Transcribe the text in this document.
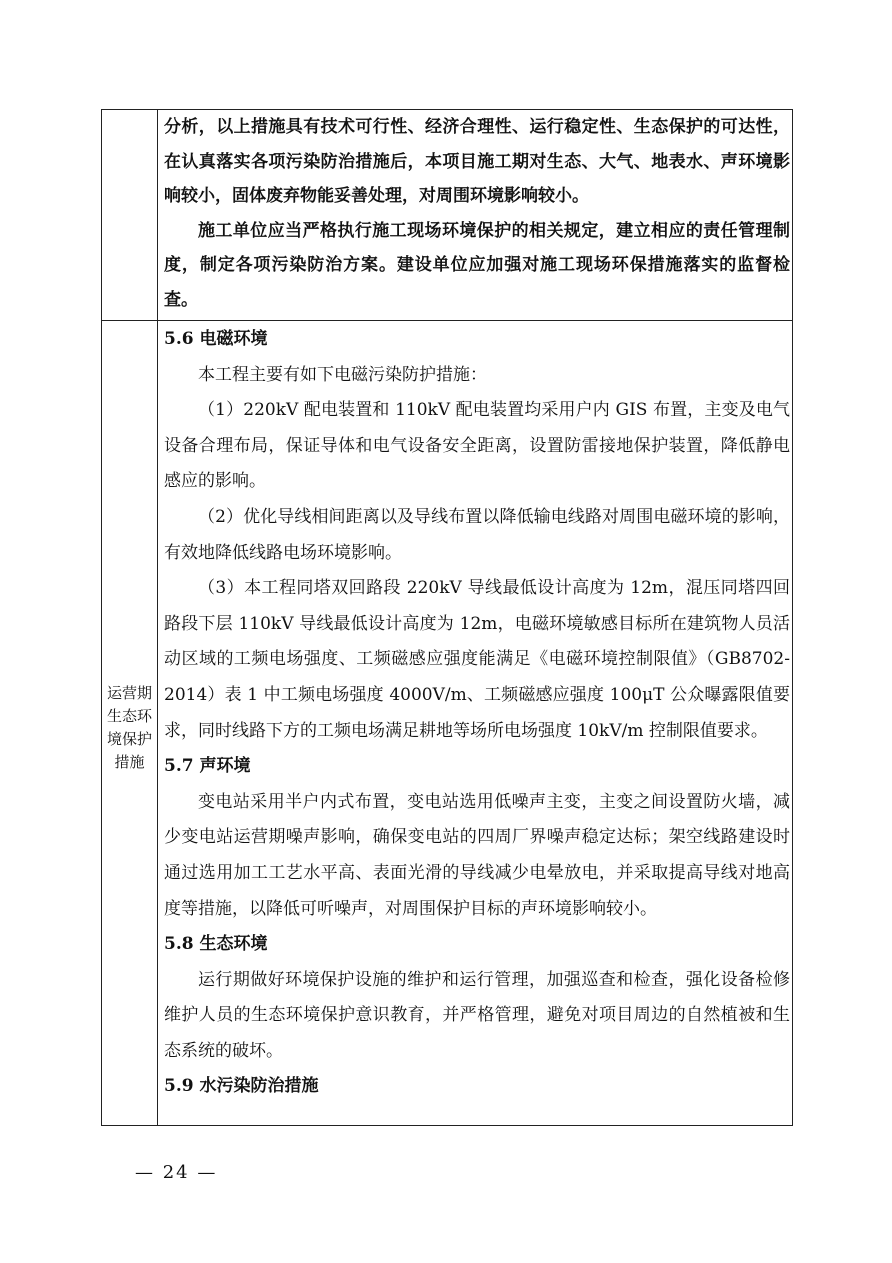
运营期
生态环
境保护
措施

分析，以上措施具有技术可行性、经济合理性、运行稳定性、生态保护的可达性，在认真落实各项污染防治措施后，本项目施工期对生态、大气、地表水、声环境影响较小，固体废弃物能妥善处理，对周围环境影响较小。

施工单位应当严格执行施工现场环境保护的相关规定，建立相应的责任管理制度，制定各项污染防治方案。建设单位应加强对施工现场环保措施落实的监督检查。

5.6 电磁环境

本工程主要有如下电磁污染防护措施：

（1）220kV 配电装置和 110kV 配电装置均采用户内 GIS 布置，主变及电气设备合理布局，保证导体和电气设备安全距离，设置防雷接地保护装置，降低静电感应的影响。

（2）优化导线相间距离以及导线布置以降低输电线路对周围电磁环境的影响，有效地降低线路电场环境影响。

（3）本工程同塔双回路段 220kV 导线最低设计高度为 12m，混压同塔四回路段下层 110kV 导线最低设计高度为 12m，电磁环境敏感目标所在建筑物人员活动区域的工频电场强度、工频磁感应强度能满足《电磁环境控制限值》（GB8702-2014）表 1 中工频电场强度 4000V/m、工频磁感应强度 100μT 公众曝露限值要求，同时线路下方的工频电场满足耕地等场所电场强度 10kV/m 控制限值要求。

5.7 声环境

变电站采用半户内式布置，变电站选用低噪声主变，主变之间设置防火墙，减少变电站运营期噪声影响，确保变电站的四周厂界噪声稳定达标；架空线路建设时通过选用加工工艺水平高、表面光滑的导线减少电晕放电，并采取提高导线对地高度等措施，以降低可听噪声，对周围保护目标的声环境影响较小。

5.8 生态环境

运行期做好环境保护设施的维护和运行管理，加强巡查和检查，强化设备检修维护人员的生态环境保护意识教育，并严格管理，避免对项目周边的自然植被和生态系统的破坏。

5.9 水污染防治措施
— 24 —
